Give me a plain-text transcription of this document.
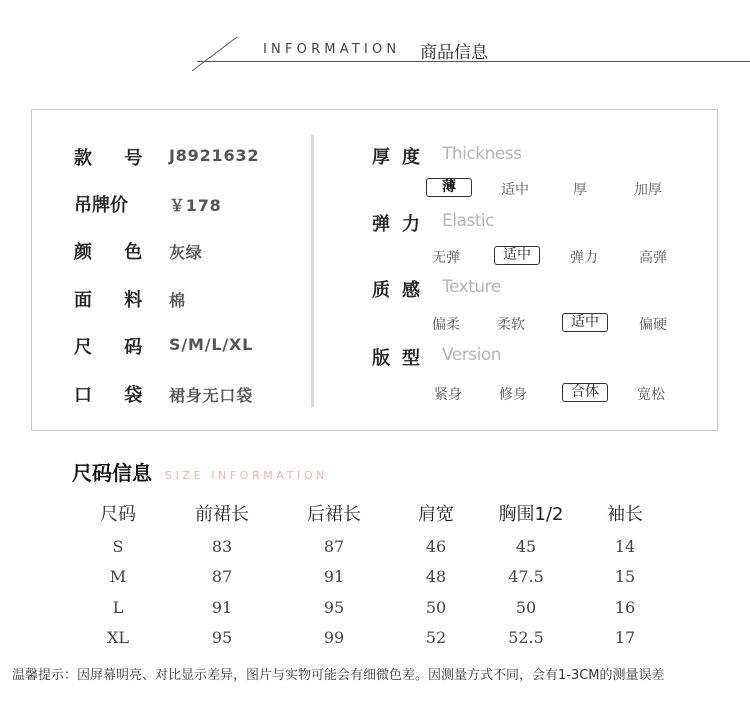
INFORMATION 商品信息
款 号 J8921632
吊牌价	￥178
颜 色 灰绿
面 料 棉
尺 码 S/M/L/XL
口 袋 裙身无口袋
厚度 Thickness
薄	适中	厚	加厚
弹力 Elastic
无弹	适中	弹力	高弹
质感 Texture
偏柔	柔软	适中	偏硬
版型 Version
紧身	修身	合体	宽松
尺码信息 SIZE INFORMATION
尺码	前裙长	后裙长	肩宽	胸围1/2	袖长
S	83	87	46	45	14
M	87	91	48	47.5	15
L	91	95	50	50	16
XL	95	99	52	52.5	17
温馨提示：因屏幕明亮、对比显示差异，图片与实物可能会有细微色差。因测量方式不同，会有1-3CM的测量误差
